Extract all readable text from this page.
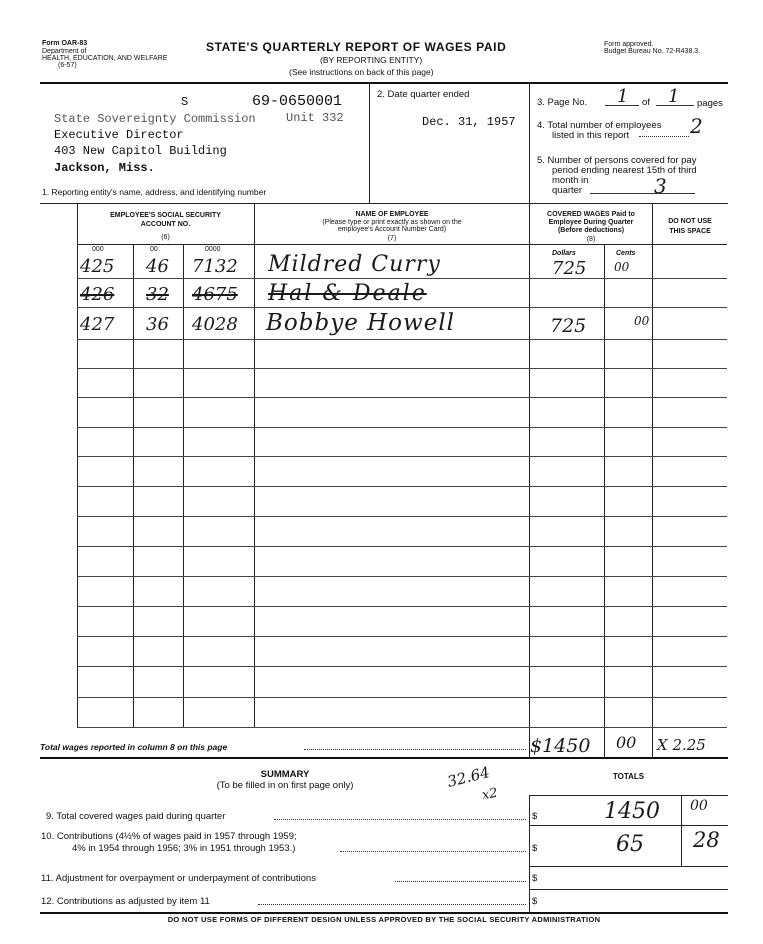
Form OAR-83
Department of
HEALTH, EDUCATION, AND WELFARE
(6-57)
STATE'S QUARTERLY REPORT OF WAGES PAID
(BY REPORTING ENTITY)
(See instructions on back of this page)
Form approved.
Budget Bureau No. 72-R438.3.
S	69-0650001
State Sovereignty Commission	Unit 332
Executive Director
403 New Capitol Building
Jackson, Miss.
1. Reporting entity's name, address, and identifying number
2. Date quarter ended
Dec. 31, 1957
3. Page No. 1 of 1 pages
4. Total number of employees
listed in this report	2
5. Number of persons covered for pay
period ending nearest 15th of third
month in
quarter	3
EMPLOYEE'S SOCIAL SECURITY
ACCOUNT NO.
(6)
NAME OF EMPLOYEE
(Please type or print exactly as shown on the
employee's Account Number Card)
(7)
COVERED WAGES Paid to
Employee During Quarter
(Before deductions)
(8)
DO NOT USE
THIS SPACE
000	00	0000
Dollars	Cents
425 46 7132 Mildred Curry	725 00
426 32 4675 Hal & Deale
427 36 4028 Bobbye Howell	725	00
Total wages reported in column 8 on this page	$1450 00 X 2.25
SUMMARY
(To be filled in on first page only)	32.64
x2
TOTALS
9. Total covered wages paid during quarter	$	1450 00
10. Contributions (4½% of wages paid in 1957 through 1959;
4% in 1954 through 1956; 3% in 1951 through 1953.)	$	65 28
11. Adjustment for overpayment or underpayment of contributions	$
12. Contributions as adjusted by item 11	$
DO NOT USE FORMS OF DIFFERENT DESIGN UNLESS APPROVED BY THE SOCIAL SECURITY ADMINISTRATION
